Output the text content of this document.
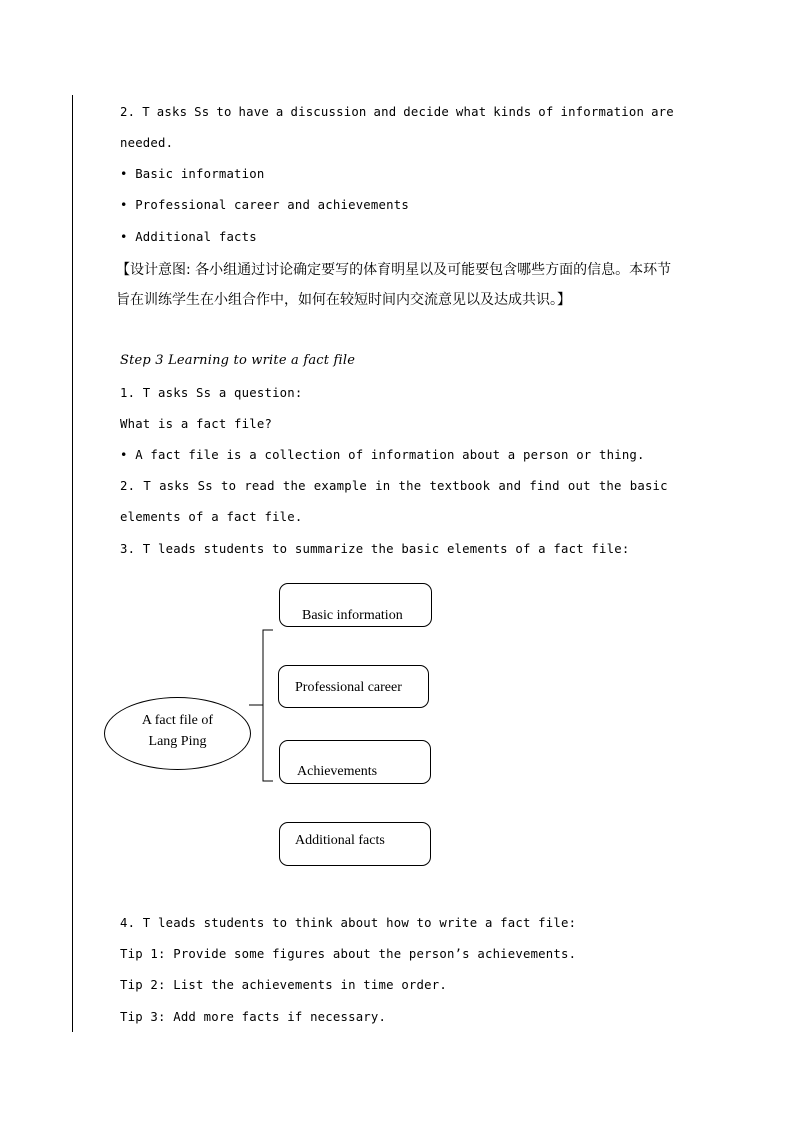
2. T asks Ss to have a discussion and decide what kinds of information are
needed.
• Basic information
• Professional career and achievements
• Additional facts
【设计意图: 各小组通过讨论确定要写的体育明星以及可能要包含哪些方面的信息。本环节
旨在训练学生在小组合作中，如何在较短时间内交流意见以及达成共识。】
Step 3 Learning to write a fact file
1. T asks Ss a question:
What is a fact file?
• A fact file is a collection of information about a person or thing.
2. T asks Ss to read the example in the textbook and find out the basic
elements of a fact file.
3. T leads students to summarize the basic elements of a fact file:
A fact file of
Lang Ping
Basic information
Professional career
Achievements
Additional facts
4. T leads students to think about how to write a fact file:
Tip 1: Provide some figures about the person’s achievements.
Tip 2: List the achievements in time order.
Tip 3: Add more facts if necessary.
